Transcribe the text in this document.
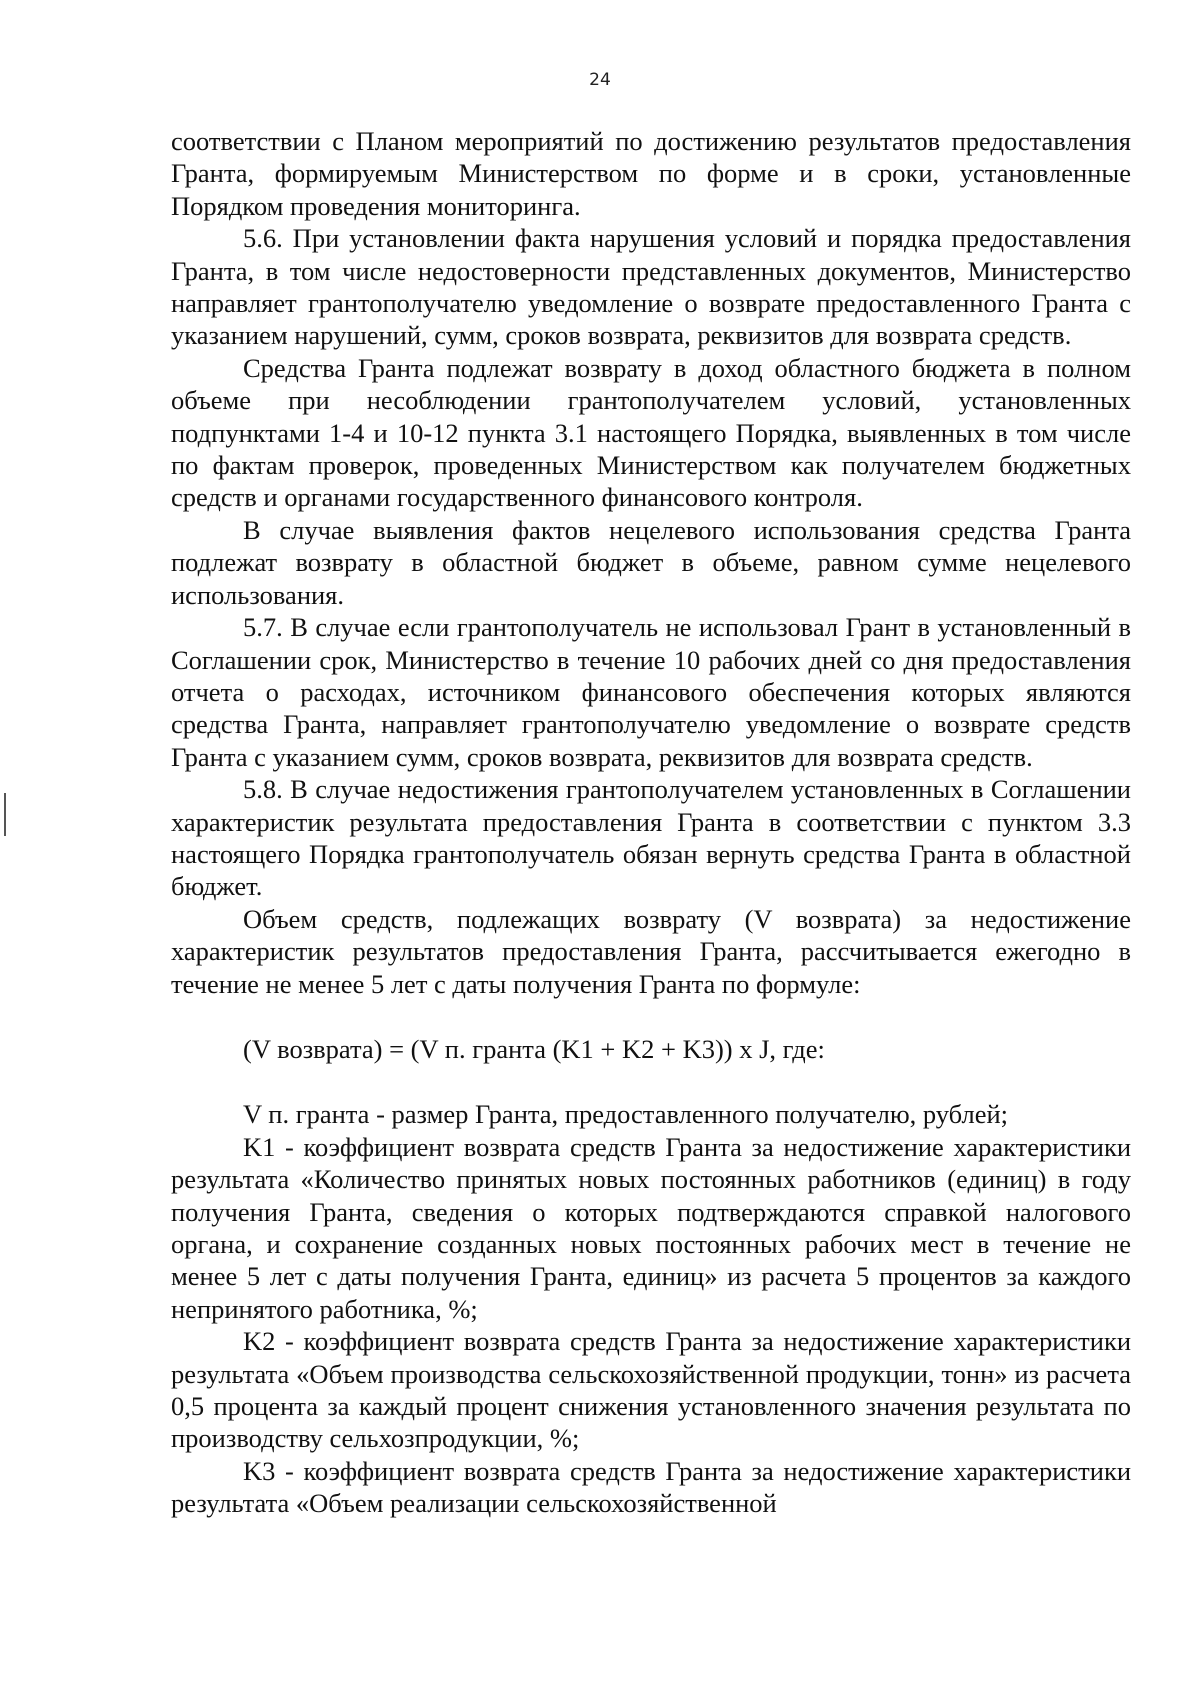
24

соответствии с Планом мероприятий по достижению результатов предоставления Гранта, формируемым Министерством по форме и в сроки, установленные Порядком проведения мониторинга.

5.6. При установлении факта нарушения условий и порядка предоставления Гранта, в том числе недостоверности представленных документов, Министерство направляет грантополучателю уведомление о возврате предоставленного Гранта с указанием нарушений, сумм, сроков возврата, реквизитов для возврата средств.

Средства Гранта подлежат возврату в доход областного бюджета в полном объеме при несоблюдении грантополучателем условий, установленных подпунктами 1-4 и 10-12 пункта 3.1 настоящего Порядка, выявленных в том числе по фактам проверок, проведенных Министерством как получателем бюджетных средств и органами государственного финансового контроля.

В случае выявления фактов нецелевого использования средства Гранта подлежат возврату в областной бюджет в объеме, равном сумме нецелевого использования.

5.7. В случае если грантополучатель не использовал Грант в установленный в Соглашении срок, Министерство в течение 10 рабочих дней со дня предоставления отчета о расходах, источником финансового обеспечения которых являются средства Гранта, направляет грантополучателю уведомление о возврате средств Гранта с указанием сумм, сроков возврата, реквизитов для возврата средств.

5.8. В случае недостижения грантополучателем установленных в Соглашении характеристик результата предоставления Гранта в соответствии с пунктом 3.3 настоящего Порядка грантополучатель обязан вернуть средства Гранта в областной бюджет.

Объем средств, подлежащих возврату (V возврата) за недостижение характеристик результатов предоставления Гранта, рассчитывается ежегодно в течение не менее 5 лет с даты получения Гранта по формуле:

(V возврата) = (V п. гранта (K1 + K2 + K3)) x J, где:

V п. гранта - размер Гранта, предоставленного получателю, рублей;

K1 - коэффициент возврата средств Гранта за недостижение характеристики результата «Количество принятых новых постоянных работников (единиц) в году получения Гранта, сведения о которых подтверждаются справкой налогового органа, и сохранение созданных новых постоянных рабочих мест в течение не менее 5 лет с даты получения Гранта, единиц» из расчета 5 процентов за каждого непринятого работника, %;

K2 - коэффициент возврата средств Гранта за недостижение характеристики результата «Объем производства сельскохозяйственной продукции, тонн» из расчета 0,5 процента за каждый процент снижения установленного значения результата по производству сельхозпродукции, %;

K3 - коэффициент возврата средств Гранта за недостижение характеристики результата «Объем реализации сельскохозяйственной
